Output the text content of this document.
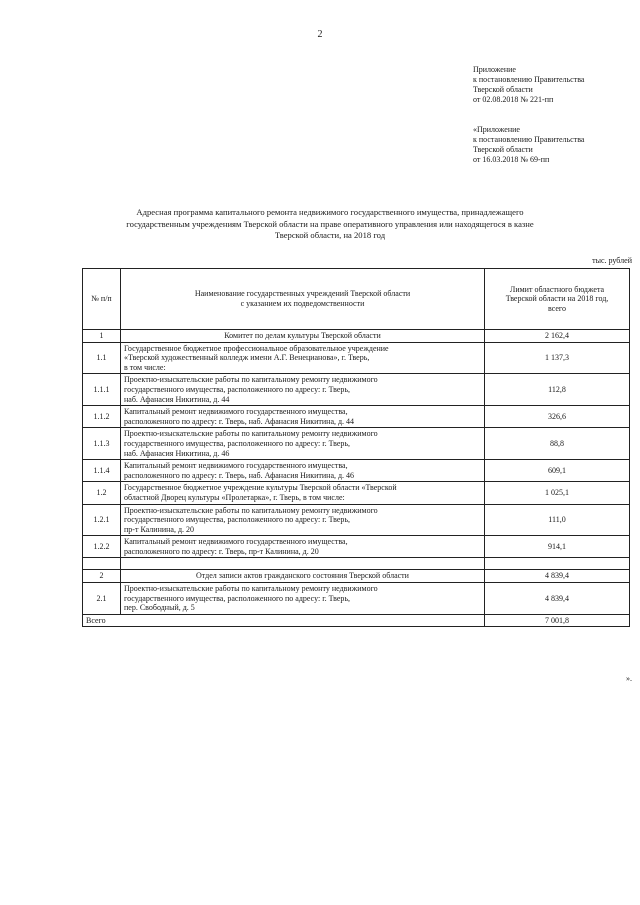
2
Приложение
к постановлению Правительства
Тверской области
от 02.08.2018 № 221-пп
«Приложение
к постановлению Правительства
Тверской области
от 16.03.2018 № 69-пп
Адресная программа капитального ремонта недвижимого государственного имущества, принадлежащего
государственным учреждениям Тверской области на праве оперативного управления или находящегося в казне
Тверской области, на 2018 год
тыс. рублей
№ п/п	Наименование государственных учреждений Тверской области
с указанием их подведомственности	Лимит областного бюджета
Тверской области на 2018 год,
всего

1	Комитет по делам культуры Тверской области	2 162,4
1.1	Государственное бюджетное профессиональное образовательное учреждение
«Тверской художественный колледж имени А.Г. Венецианова», г. Тверь,
в том числе:	1 137,3
1.1.1	Проектно-изыскательские работы по капитальному ремонту недвижимого
государственного имущества, расположенного по адресу: г. Тверь,
наб. Афанасия Никитина, д. 44	112,8
1.1.2	Капитальный ремонт недвижимого государственного имущества,
расположенного по адресу: г. Тверь, наб. Афанасия Никитина, д. 44	326,6
1.1.3	Проектно-изыскательские работы по капитальному ремонту недвижимого
государственного имущества, расположенного по адресу: г. Тверь,
наб. Афанасия Никитина, д. 46	88,8
1.1.4	Капитальный ремонт недвижимого государственного имущества,
расположенного по адресу: г. Тверь, наб. Афанасия Никитина, д. 46	609,1
1.2	Государственное бюджетное учреждение культуры Тверской области «Тверской
областной Дворец культуры «Пролетарка», г. Тверь, в том числе:	1 025,1
1.2.1	Проектно-изыскательские работы по капитальному ремонту недвижимого
государственного имущества, расположенного по адресу: г. Тверь,
пр-т Калинина, д. 20	111,0
1.2.2	Капитальный ремонт недвижимого государственного имущества,
расположенного по адресу: г. Тверь, пр-т Калинина, д. 20	914,1

2	Отдел записи актов гражданского состояния Тверской области	4 839,4
2.1	Проектно-изыскательские работы по капитальному ремонту недвижимого
государственного имущества, расположенного по адресу: г. Тверь,
пер. Свободный, д. 5	4 839,4
Всего		7 001,8
».
